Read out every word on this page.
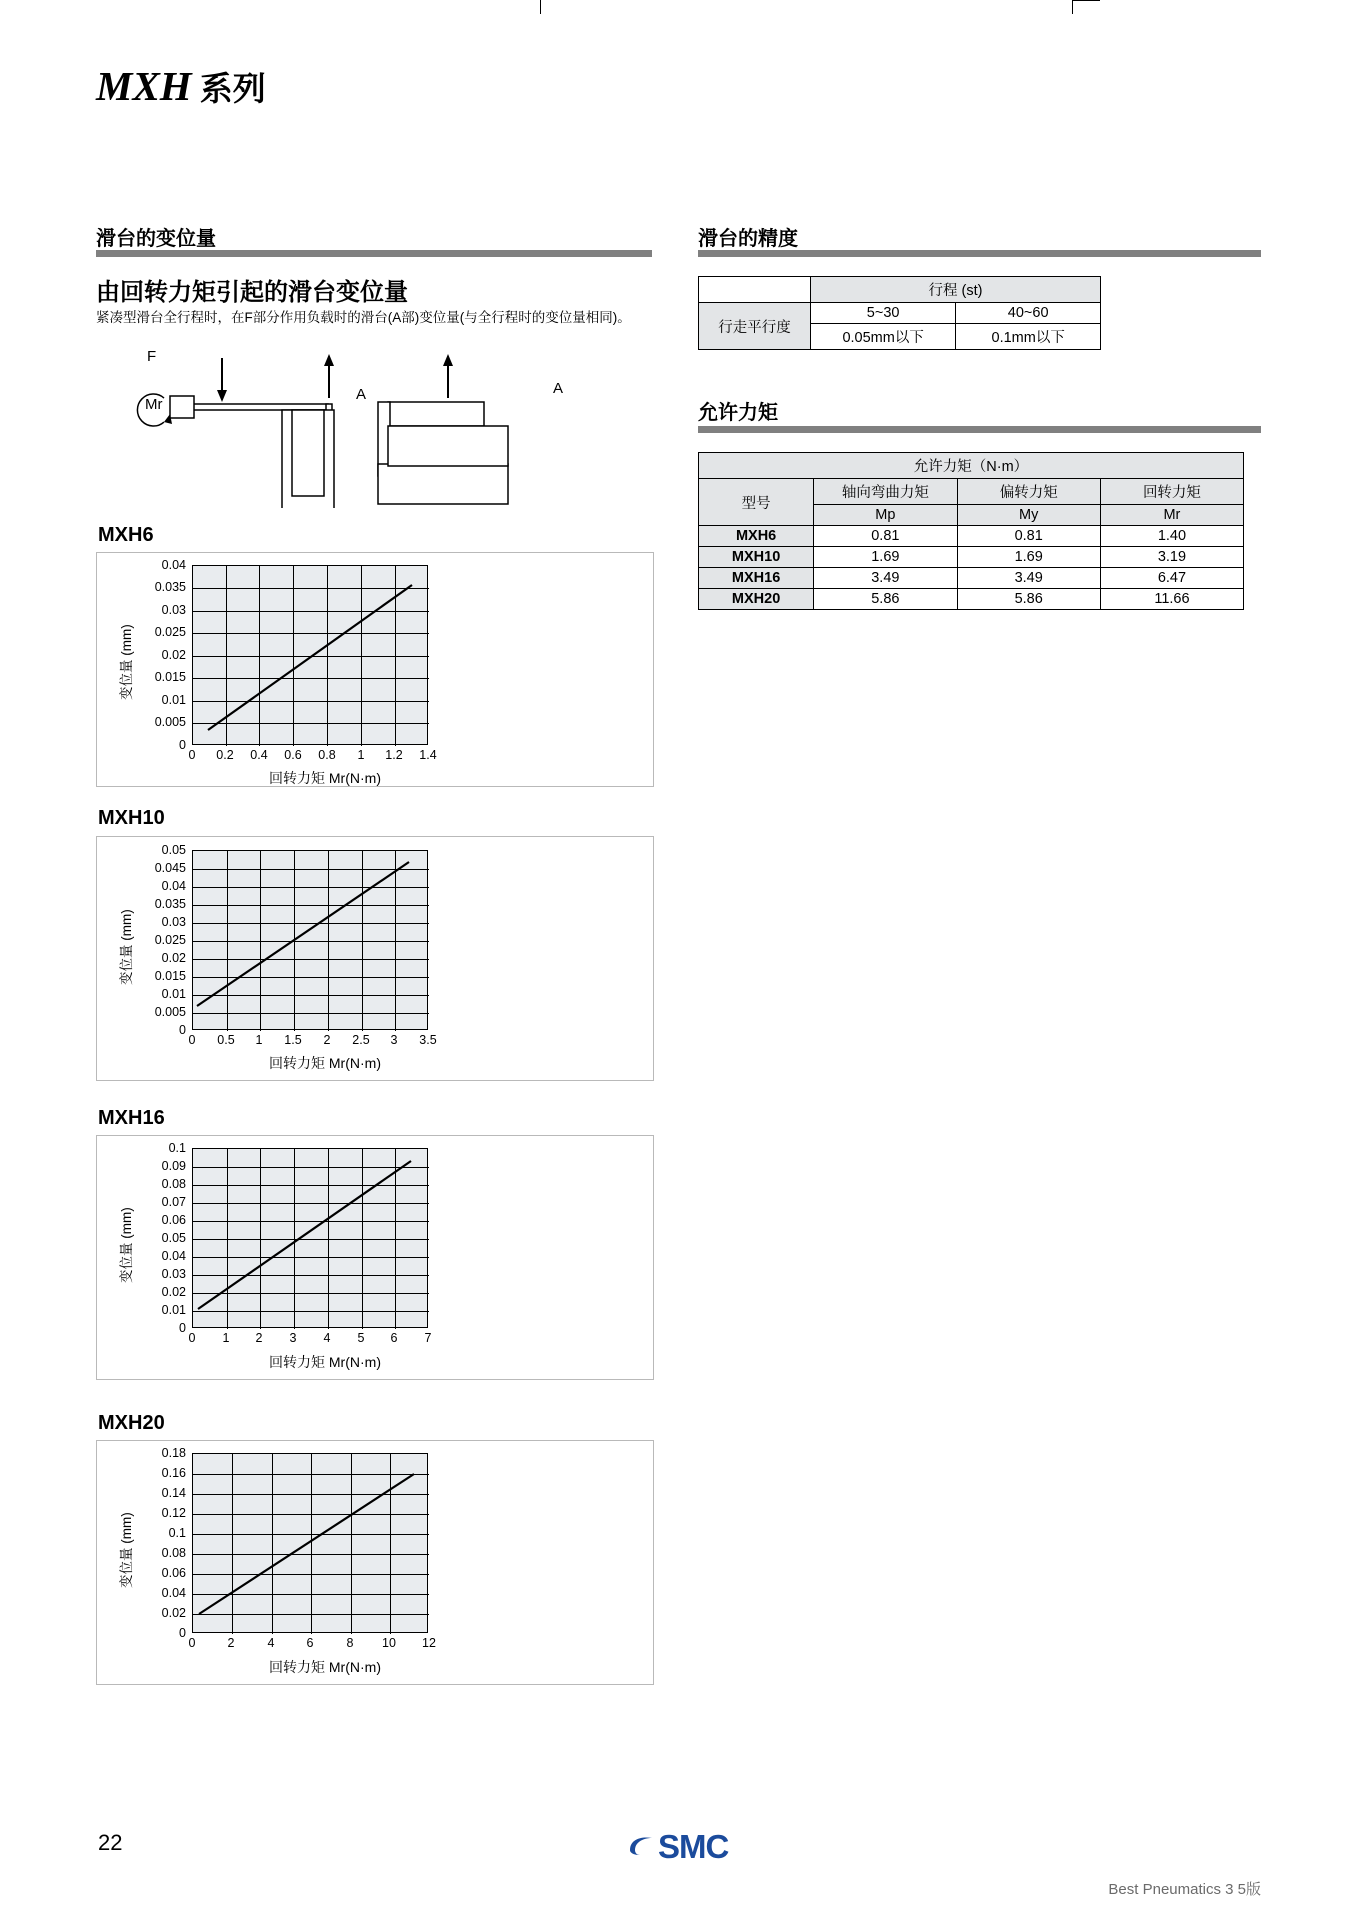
MXH 系列
滑台的变位量
由回转力矩引起的滑台变位量
紧凑型滑台全行程时，在F部分作用负载时的滑台(A部)变位量(与全行程时的变位量相同)。
F
A	A
Mr
MXH6
变位量 (mm)
回转力矩 Mr(N·m)
0.04
0.035
0.03
0.025
0.02
0.015
0.01
0.005
0
0	0.2	0.4	0.6	0.8	1	1.2	1.4
MXH10
变位量 (mm)
回转力矩 Mr(N·m)
0.05
0.045
0.04
0.035
0.03
0.025
0.02
0.015
0.01
0.005
0
0	0.5	1	1.5	2	2.5	3	3.5
MXH16
变位量 (mm)
回转力矩 Mr(N·m)
0.1
0.09
0.08
0.07
0.06
0.05
0.04
0.03
0.02
0.01
0
0	1	2	3	4	5	6	7
MXH20
变位量 (mm)
回转力矩 Mr(N·m)
0.18
0.16
0.14
0.12
0.1
0.08
0.06
0.04
0.02
0
0	2	4	6	8	10	12
滑台的精度
	行程 (st)	
行走平行度	5~30	40~60
	0.05mm以下	0.1mm以下
允许力矩
允许力矩（N·m）			
型号	轴向弯曲力矩	偏转力矩	回转力矩
	Mp	My	Mr
MXH6	0.81	0.81	1.40
MXH10	1.69	1.69	3.19
MXH16	3.49	3.49	6.47
MXH20	5.86	5.86	11.66
22	SMC
Best Pneumatics 3 5版
